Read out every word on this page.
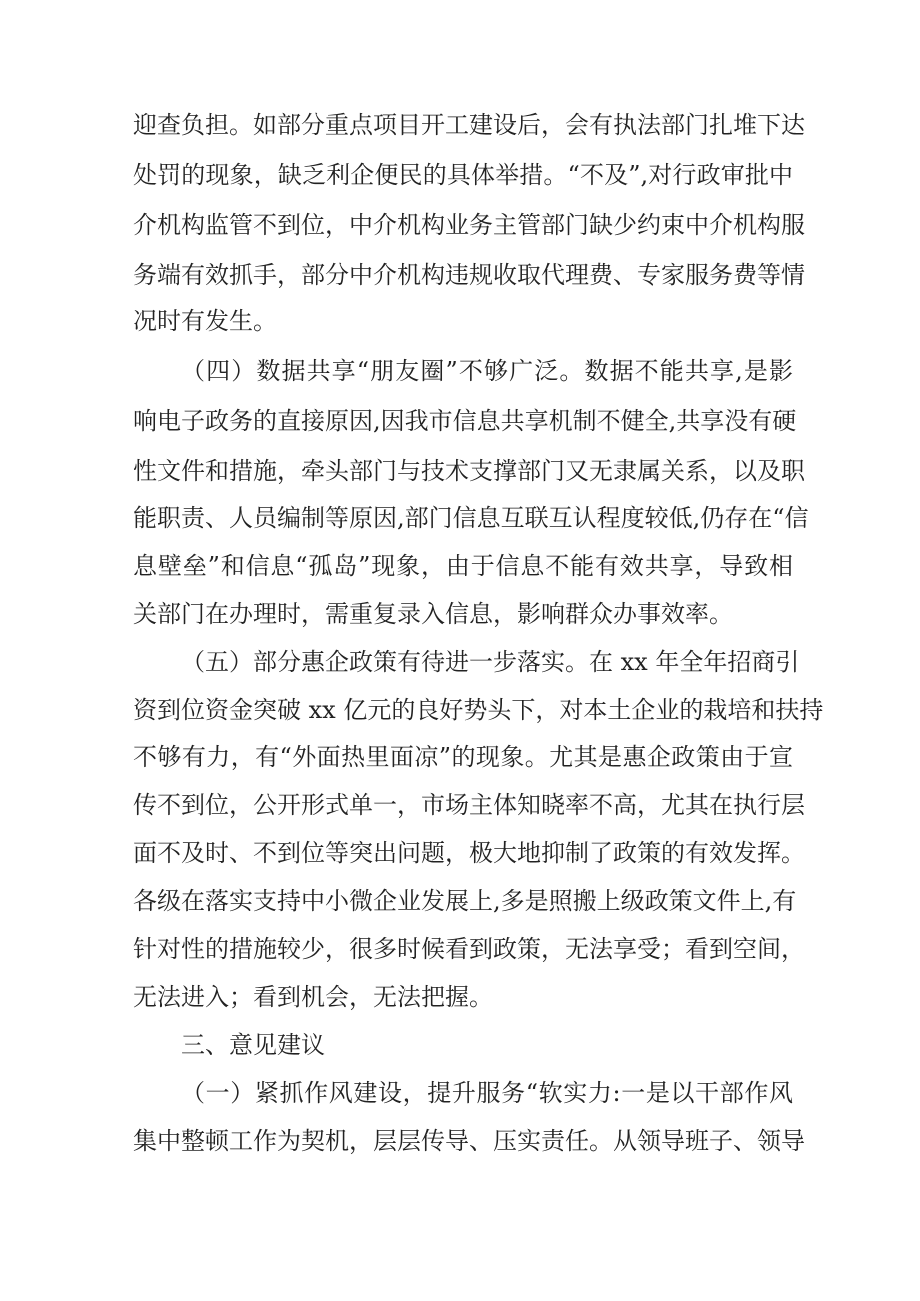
迎查负担。如部分重点项目开工建设后，会有执法部门扎堆下达

处罚的现象，缺乏利企便民的具体举措。“不及”,对行政审批中

介机构监管不到位，中介机构业务主管部门缺少约束中介机构服

务端有效抓手，部分中介机构违规收取代理费、专家服务费等情

况时有发生。

（四）数据共享“朋友圈”不够广泛。数据不能共享,是影

响电子政务的直接原因,因我市信息共享机制不健全,共享没有硬

性文件和措施，牵头部门与技术支撑部门又无隶属关系，以及职

能职责、人员编制等原因,部门信息互联互认程度较低,仍存在“信

息壁垒”和信息“孤岛”现象，由于信息不能有效共享，导致相

关部门在办理时，需重复录入信息，影响群众办事效率。

（五）部分惠企政策有待进一步落实。在 xx 年全年招商引

资到位资金突破 xx 亿元的良好势头下，对本土企业的栽培和扶持

不够有力，有“外面热里面凉”的现象。尤其是惠企政策由于宣

传不到位，公开形式单一，市场主体知晓率不高，尤其在执行层

面不及时、不到位等突出问题，极大地抑制了政策的有效发挥。

各级在落实支持中小微企业发展上,多是照搬上级政策文件上,有

针对性的措施较少，很多时候看到政策，无法享受；看到空间，

无法进入；看到机会，无法把握。

三、意见建议

（一）紧抓作风建设，提升服务“软实力:一是以干部作风

集中整顿工作为契机，层层传导、压实责任。从领导班子、领导
